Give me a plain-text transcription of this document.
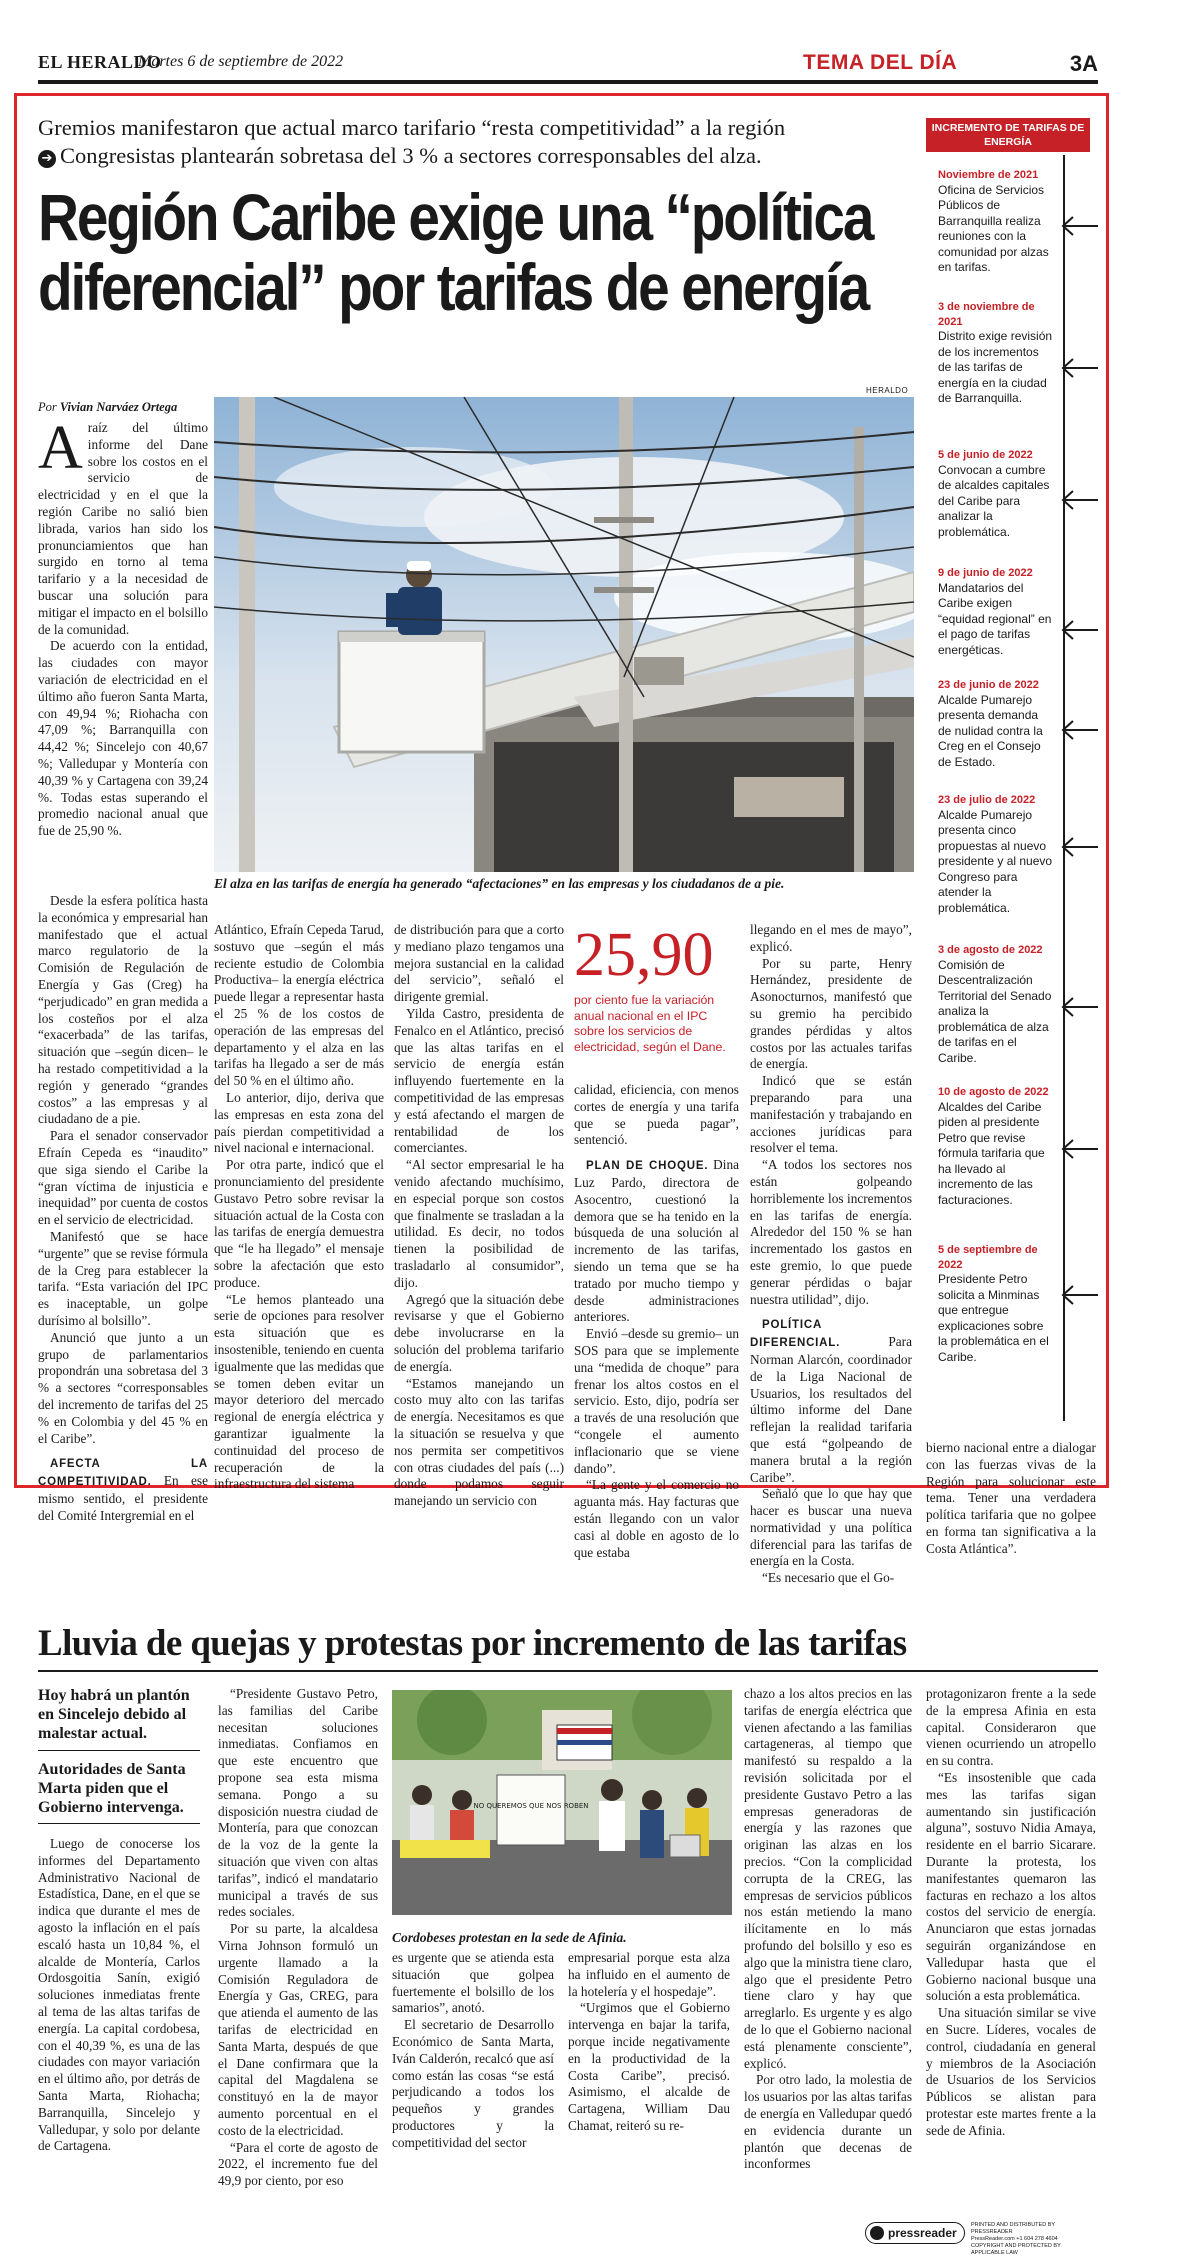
EL HERALDO
Martes 6 de septiembre de 2022	TEMA DEL DÍA	3A
Gremios manifestaron que actual marco tarifario “resta competitividad” a la región
➔ Congresistas plantearán sobretasa del 3 % a sectores corresponsables del alza.
Región Caribe exige una “política
diferencial” por tarifas de energía
Por Vivian Narváez Ortega
HERALDO
El alza en las tarifas de energía ha generado “afectaciones” en las empresas y los ciudadanos de a pie.

Araíz del último informe del Dane sobre los costos en el servicio de electricidad y en el que la región Caribe no salió bien librada, varios han sido los pronunciamientos que han surgido en torno al tema tarifario y a la necesidad de buscar una solución para mitigar el impacto en el bolsillo de la comunidad.

De acuerdo con la entidad, las ciudades con mayor variación de electricidad en el último año fueron Santa Marta, con 49,94 %; Riohacha con 47,09 %; Barranquilla con 44,42 %; Sincelejo con 40,67 %; Valledupar y Montería con 40,39 % y Cartagena con 39,24 %. Todas estas superando el promedio nacional anual que fue de 25,90 %.

Desde la esfera política hasta la económica y empresarial han manifestado que el actual marco regulatorio de la Comisión de Regulación de Energía y Gas (Creg) ha “perjudicado” en gran medida a los costeños por el alza “exacerbada” de las tarifas, situación que –según dicen– le ha restado competitividad a la región y generado “grandes costos” a las empresas y al ciudadano de a pie.

Para el senador conservador Efraín Cepeda es “inaudito” que siga siendo el Caribe la “gran víctima de injusticia e inequidad” por cuenta de costos en el servicio de electricidad.

Manifestó que se hace “urgente” que se revise fórmula de la Creg para establecer la tarifa. “Esta variación del IPC es inaceptable, un golpe durísimo al bolsillo”.

Anunció que junto a un grupo de parlamentarios propondrán una sobretasa del 3 % a sectores “corresponsables del incremento de tarifas del 25 % en Colombia y del 45 % en el Caribe”.

AFECTA LA COMPETITIVIDAD. En ese mismo sentido, el presidente del Comité Intergremial en el

Atlántico, Efraín Cepeda Tarud, sostuvo que –según el más reciente estudio de Colombia Productiva– la energía eléctrica puede llegar a representar hasta el 25 % de los costos de operación de las empresas del departamento y el alza en las tarifas ha llegado a ser de más del 50 % en el último año.

Lo anterior, dijo, deriva que las empresas en esta zona del país pierdan competitividad a nivel nacional e internacional.

Por otra parte, indicó que el pronunciamiento del presidente Gustavo Petro sobre revisar la situación actual de la Costa con las tarifas de energía demuestra que “le ha llegado” el mensaje sobre la afectación que esto produce.

“Le hemos planteado una serie de opciones para resolver esta situación que es insostenible, teniendo en cuenta igualmente que las medidas que se tomen deben evitar un mayor deterioro del mercado regional de energía eléctrica y garantizar igualmente la continuidad del proceso de recuperación de la infraestructura del sistema

de distribución para que a corto y mediano plazo tengamos una mejora sustancial en la calidad del servicio”, señaló el dirigente gremial.

Yilda Castro, presidenta de Fenalco en el Atlántico, precisó que las altas tarifas en el servicio de energía están influyendo fuertemente en la competitividad de las empresas y está afectando el margen de rentabilidad de los comerciantes.

“Al sector empresarial le ha venido afectando muchísimo, en especial porque son costos que finalmente se trasladan a la utilidad. Es decir, no todos tienen la posibilidad de trasladarlo al consumidor”, dijo.

Agregó que la situación debe revisarse y que el Gobierno debe involucrarse en la solución del problema tarifario de energía.

“Estamos manejando un costo muy alto con las tarifas de energía. Necesitamos es que la situación se resuelva y que nos permita ser competitivos con otras ciudades del país (...) donde podamos seguir manejando un servicio con

25,90
por ciento fue la variación anual nacional en el IPC sobre los servicios de electricidad, según el Dane.

calidad, eficiencia, con menos cortes de energía y una tarifa que se pueda pagar”, sentenció.

PLAN DE CHOQUE. Dina Luz Pardo, directora de Asocentro, cuestionó la demora que se ha tenido en la búsqueda de una solución al incremento de las tarifas, siendo un tema que se ha tratado por mucho tiempo y desde administraciones anteriores.

Envió –desde su gremio– un SOS para que se implemente una “medida de choque” para frenar los altos costos en el servicio. Esto, dijo, podría ser a través de una resolución que “congele el aumento inflacionario que se viene dando”.

“La gente y el comercio no aguanta más. Hay facturas que están llegando con un valor casi al doble en agosto de lo que estaba

llegando en el mes de mayo”, explicó.

Por su parte, Henry Hernández, presidente de Asonocturnos, manifestó que su gremio ha percibido grandes pérdidas y altos costos por las actuales tarifas de energía.

Indicó que se están preparando para una manifestación y trabajando en acciones jurídicas para resolver el tema.

“A todos los sectores nos están golpeando horriblemente los incrementos en las tarifas de energía. Alrededor del 150 % se han incrementado los gastos en este gremio, lo que puede generar pérdidas o bajar nuestra utilidad”, dijo.

POLÍTICA DIFERENCIAL.	Para Norman Alarcón, coordinador de la Liga Nacional de Usuarios, los resultados del último informe del Dane reflejan la realidad tarifaria que está “golpeando de manera brutal a la región Caribe”.

Señaló que lo que hay que hacer es buscar una nueva normatividad y una política diferencial para las tarifas de energía en la Costa.

“Es necesario que el Go-

bierno nacional entre a dialogar con las fuerzas vivas de la Región para solucionar este tema. Tener una verdadera política tarifaria que no golpee en forma tan significativa a la Costa Atlántica”.

INCREMENTO DE TARIFAS DE ENERGÍA
Noviembre de 2021
Oficina de Servicios Públicos de Barranquilla realiza reuniones con la comunidad por alzas en tarifas.
3 de noviembre de 2021
Distrito exige revisión de los incrementos de las tarifas de energía en la ciudad de Barranquilla.
5 de junio de 2022
Convocan a cumbre de alcaldes capitales del Caribe para analizar la problemática.
9 de junio de 2022
Mandatarios del Caribe exigen “equidad regional” en el pago de tarifas energéticas.
23 de junio de 2022
Alcalde Pumarejo presenta demanda de nulidad contra la Creg en el Consejo de Estado.
23 de julio de 2022
Alcalde Pumarejo presenta cinco propuestas al nuevo presidente y al nuevo Congreso para atender la problemática.
3 de agosto de 2022
Comisión de Descentralización Territorial del Senado analiza la problemática de alza de tarifas en el Caribe.
10 de agosto de 2022
Alcaldes del Caribe piden al presidente Petro que revise fórmula tarifaria que ha llevado al incremento de las facturaciones.
5 de septiembre de 2022
Presidente Petro solicita a Minminas que entregue explicaciones sobre la problemática en el Caribe.
Lluvia de quejas y protestas por incremento de las tarifas
Hoy habrá un plantón en Sincelejo debido al malestar actual.
Autoridades de Santa Marta piden que el Gobierno intervenga.

Luego de conocerse los informes del Departamento Administrativo Nacional de Estadística, Dane, en el que se indica que durante el mes de agosto la inflación en el país escaló hasta un 10,84 %, el alcalde de Montería, Carlos Ordosgoitia Sanín, exigió soluciones inmediatas frente al tema de las altas tarifas de energía. La capital cordobesa, con el 40,39 %, es una de las ciudades con mayor variación en el último año, por detrás de Santa Marta, Riohacha; Barranquilla, Sincelejo y Valledupar, y solo por delante de Cartagena.

“Presidente Gustavo Petro, las familias del Caribe necesitan soluciones inmediatas. Confiamos en que este encuentro que propone sea esta misma semana. Pongo a su disposición nuestra ciudad de Montería, para que conozcan de la voz de la gente la situación que viven con altas tarifas”, indicó el mandatario municipal a través de sus redes sociales.

Por su parte, la alcaldesa Virna Johnson formuló un urgente llamado a la Comisión Reguladora de Energía y Gas, CREG, para que atienda el aumento de las tarifas de electricidad en Santa Marta, después de que el Dane confirmara que la capital del Magdalena se constituyó en la de mayor aumento porcentual en el costo de la electricidad.

“Para el corte de agosto de 2022, el incremento fue del 49,9 por ciento, por eso

NO QUEREMOS QUE NOS ROBEN
Cordobeses protestan en la sede de Afinia.

es urgente que se atienda esta situación que golpea fuertemente el bolsillo de los samarios”, anotó.

El secretario de Desarrollo Económico de Santa Marta, Iván Calderón, recalcó que así como están las cosas “se está perjudicando a todos los pequeños y grandes productores y la competitividad del sector

empresarial porque esta alza ha influido en el aumento de la hotelería y el hospedaje”.

“Urgimos que el Gobierno intervenga en bajar la tarifa, porque incide negativamente en la productividad de la Costa Caribe”, precisó. Asimismo, el alcalde de Cartagena, William Dau Chamat, reiteró su re-

chazo a los altos precios en las tarifas de energía eléctrica que vienen afectando a las familias cartageneras, al tiempo que manifestó su respaldo a la revisión solicitada por el presidente Gustavo Petro a las empresas generadoras de energía y las razones que originan las alzas en los precios. “Con la complicidad corrupta de la CREG, las empresas de servicios públicos nos están metiendo la mano ilícitamente en lo más profundo del bolsillo y eso es algo que la ministra tiene claro, algo que el presidente Petro tiene claro y hay que arreglarlo. Es urgente y es algo de lo que el Gobierno nacional está plenamente consciente”, explicó.

Por otro lado, la molestia de los usuarios por las altas tarifas de energía en Valledupar quedó en evidencia durante un plantón que decenas de inconformes

protagonizaron frente a la sede de la empresa Afinia en esta capital. Consideraron que vienen ocurriendo un atropello en su contra.

“Es insostenible que cada mes las tarifas sigan aumentando sin justificación alguna”, sostuvo Nidia Amaya, residente en el barrio Sicarare. Durante la protesta, los manifestantes quemaron las facturas en rechazo a los altos costos del servicio de energía. Anunciaron que estas jornadas seguirán organizándose en Valledupar hasta que el Gobierno nacional busque una solución a esta problemática.

Una situación similar se vive en Sucre. Líderes, vocales de control, ciudadanía en general y miembros de la Asociación de Usuarios de los Servicios Públicos se alistan para protestar este martes frente a la sede de Afinia.

pressreader
PRINTED AND DISTRIBUTED BY PRESSREADER
PressReader.com +1 604 278 4604
COPYRIGHT AND PROTECTED BY APPLICABLE LAW
